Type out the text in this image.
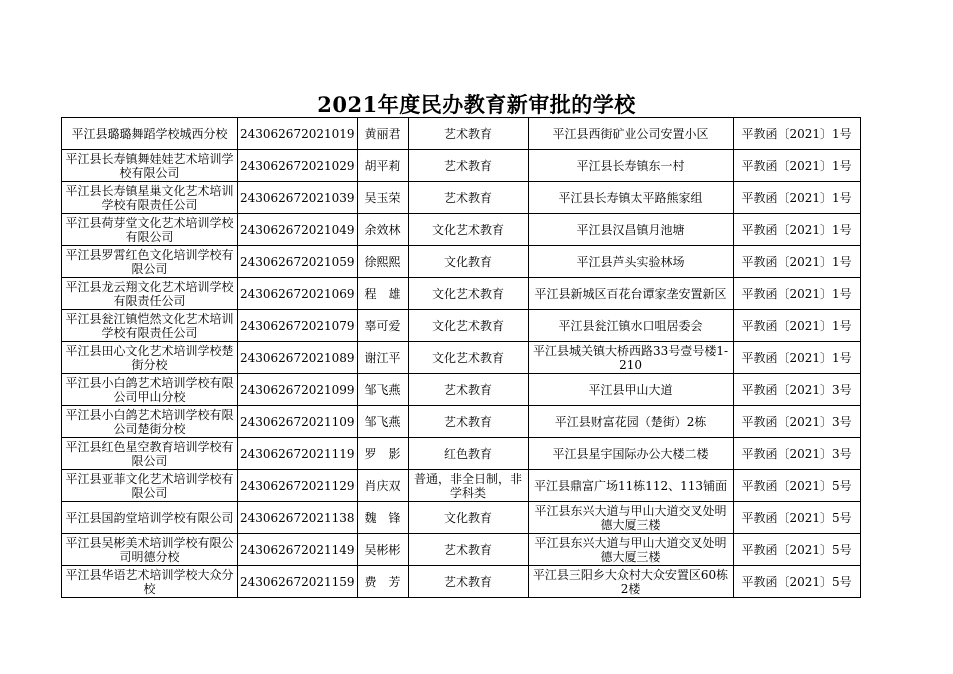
2021年度民办教育新审批的学校
平江县璐璐舞蹈学校城西分校	243062672021019	黄丽君	艺术教育	平江县西街矿业公司安置小区	平教函〔2021〕1号
平江县长寿镇舞娃娃艺术培训学校有限公司	243062672021029	胡平莉	艺术教育	平江县长寿镇东一村	平教函〔2021〕1号
平江县长寿镇星巢文化艺术培训学校有限责任公司	243062672021039	吴玉荣	艺术教育	平江县长寿镇太平路熊家组	平教函〔2021〕1号
平江县荷芽堂文化艺术培训学校有限公司	243062672021049	余效林	文化艺术教育	平江县汉昌镇月池塘	平教函〔2021〕1号
平江县罗霄红色文化培训学校有限公司	243062672021059	徐熙熙	文化教育	平江县芦头实验林场	平教函〔2021〕1号
平江县龙云翔文化艺术培训学校有限责任公司	243062672021069	程　雄	文化艺术教育	平江县新城区百花台谭家垄安置新区	平教函〔2021〕1号
平江县瓮江镇恺然文化艺术培训学校有限责任公司	243062672021079	辜可爱	文化艺术教育	平江县瓮江镇水口咀居委会	平教函〔2021〕1号
平江县田心文化艺术培训学校楚街分校	243062672021089	谢江平	文化艺术教育	平江县城关镇大桥西路33号壹号楼1-210	平教函〔2021〕1号
平江县小白鸽艺术培训学校有限公司甲山分校	243062672021099	邹飞燕	艺术教育	平江县甲山大道	平教函〔2021〕3号
平江县小白鸽艺术培训学校有限公司楚街分校	243062672021109	邹飞燕	艺术教育	平江县财富花园（楚街）2栋	平教函〔2021〕3号
平江县红色星空教育培训学校有限公司	243062672021119	罗　影	红色教育	平江县星宇国际办公大楼二楼	平教函〔2021〕3号
平江县亚菲文化艺术培训学校有限公司	243062672021129	肖庆双	普通，非全日制，非学科类	平江县鼎富广场11栋112、113铺面	平教函〔2021〕5号
平江县国韵堂培训学校有限公司	243062672021138	魏　锋	文化教育	平江县东兴大道与甲山大道交叉处明德大厦三楼	平教函〔2021〕5号
平江县吴彬美术培训学校有限公司明德分校	243062672021149	吴彬彬	艺术教育	平江县东兴大道与甲山大道交叉处明德大厦三楼	平教函〔2021〕5号
平江县华语艺术培训学校大众分校	243062672021159	费　芳	艺术教育	平江县三阳乡大众村大众安置区60栋2楼	平教函〔2021〕5号
